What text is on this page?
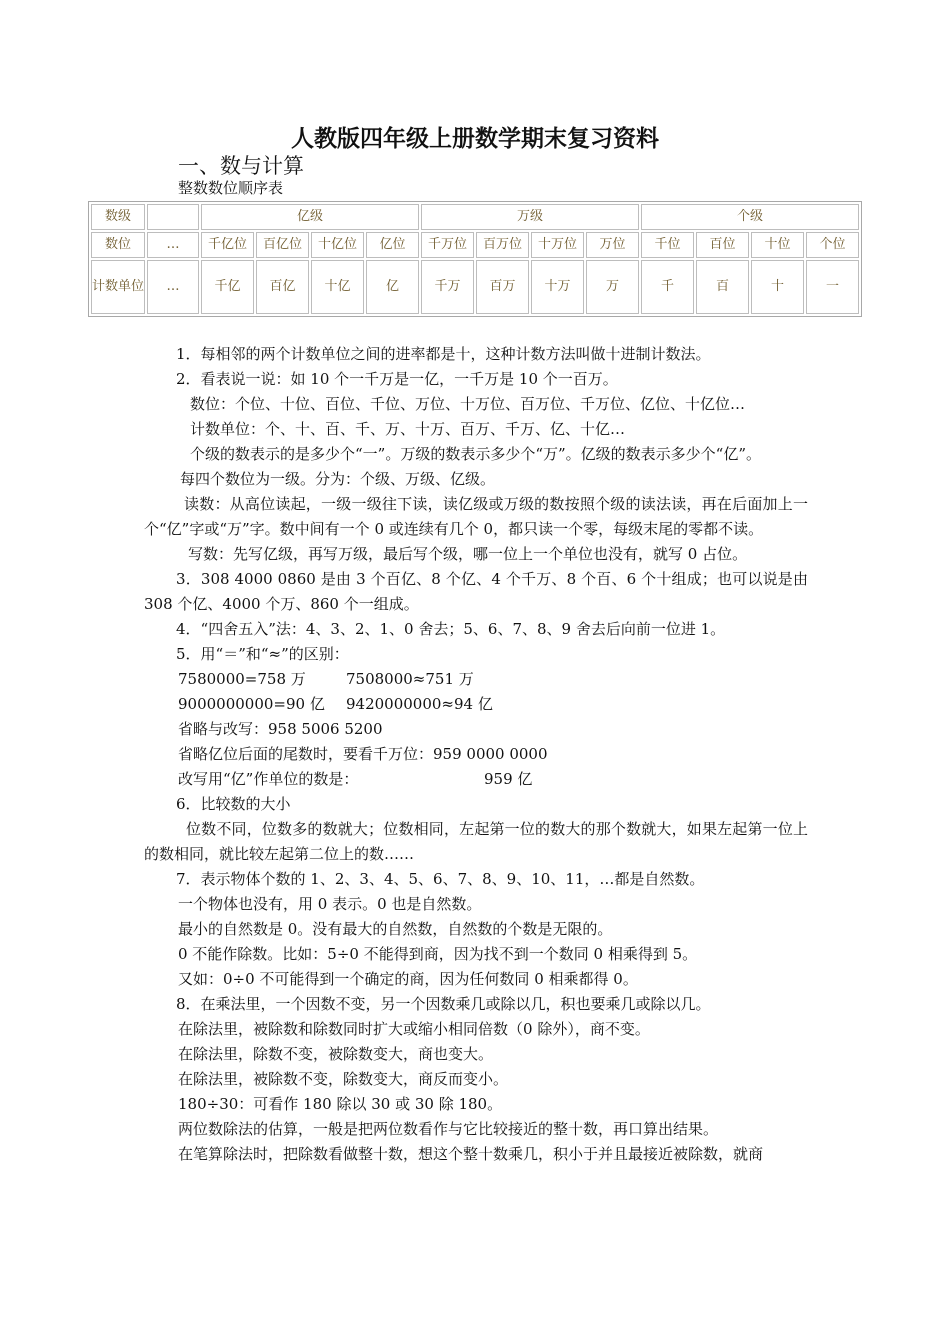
人教版四年级上册数学期末复习资料
一、数与计算
整数数位顺序表
数级		亿级				万级				个级			
数位	…	千亿位	百亿位	十亿位	亿位	千万位	百万位	十万位	万位	千位	百位	十位	个位
计数单位	…	千亿	百亿	十亿	亿	千万	百万	十万	万	千	百	十	一

1．每相邻的两个计数单位之间的进率都是十，这种计数方法叫做十进制计数法。

2．看表说一说：如 10 个一千万是一亿，一千万是 10 个一百万。

数位：个位、十位、百位、千位、万位、十万位、百万位、千万位、亿位、十亿位…

计数单位：个、十、百、千、万、十万、百万、千万、亿、十亿…

个级的数表示的是多少个“一”。万级的数表示多少个“万”。亿级的数表示多少个“亿”。

每四个数位为一级。分为：个级、万级、亿级。

读数：从高位读起，一级一级往下读，读亿级或万级的数按照个级的读法读，再在后面加上一个“亿”字或“万”字。数中间有一个 0 或连续有几个 0，都只读一个零，每级末尾的零都不读。

写数：先写亿级，再写万级，最后写个级，哪一位上一个单位也没有，就写 0 占位。

3．308 4000 0860 是由 3 个百亿、8 个亿、4 个千万、8 个百、6 个十组成；也可以说是由 308 个亿、4000 个万、860 个一组成。

4．“四舍五入”法：4、3、2、1、0 舍去；5、6、7、8、9 舍去后向前一位进 1。

5．用“＝”和“≈”的区别：

7580000=758 万	7508000≈751 万

9000000000=90 亿	9420000000≈94 亿

省略与改写：958 5006 5200

省略亿位后面的尾数时，要看千万位：959 0000 0000

改写用“亿”作单位的数是：	959 亿

6．比较数的大小

位数不同，位数多的数就大；位数相同，左起第一位的数大的那个数就大，如果左起第一位上的数相同，就比较左起第二位上的数……

7．表示物体个数的 1、2、3、4、5、6、7、8、9、10、11，…都是自然数。

一个物体也没有，用 0 表示。0 也是自然数。

最小的自然数是 0。没有最大的自然数，自然数的个数是无限的。

0 不能作除数。比如：5÷0 不能得到商，因为找不到一个数同 0 相乘得到 5。

又如：0÷0 不可能得到一个确定的商，因为任何数同 0 相乘都得 0。

8．在乘法里，一个因数不变，另一个因数乘几或除以几，积也要乘几或除以几。

在除法里，被除数和除数同时扩大或缩小相同倍数（0 除外），商不变。

在除法里，除数不变，被除数变大，商也变大。

在除法里，被除数不变，除数变大，商反而变小。

180÷30：可看作 180 除以 30 或 30 除 180。

两位数除法的估算，一般是把两位数看作与它比较接近的整十数，再口算出结果。

在笔算除法时，把除数看做整十数，想这个整十数乘几，积小于并且最接近被除数，就商
